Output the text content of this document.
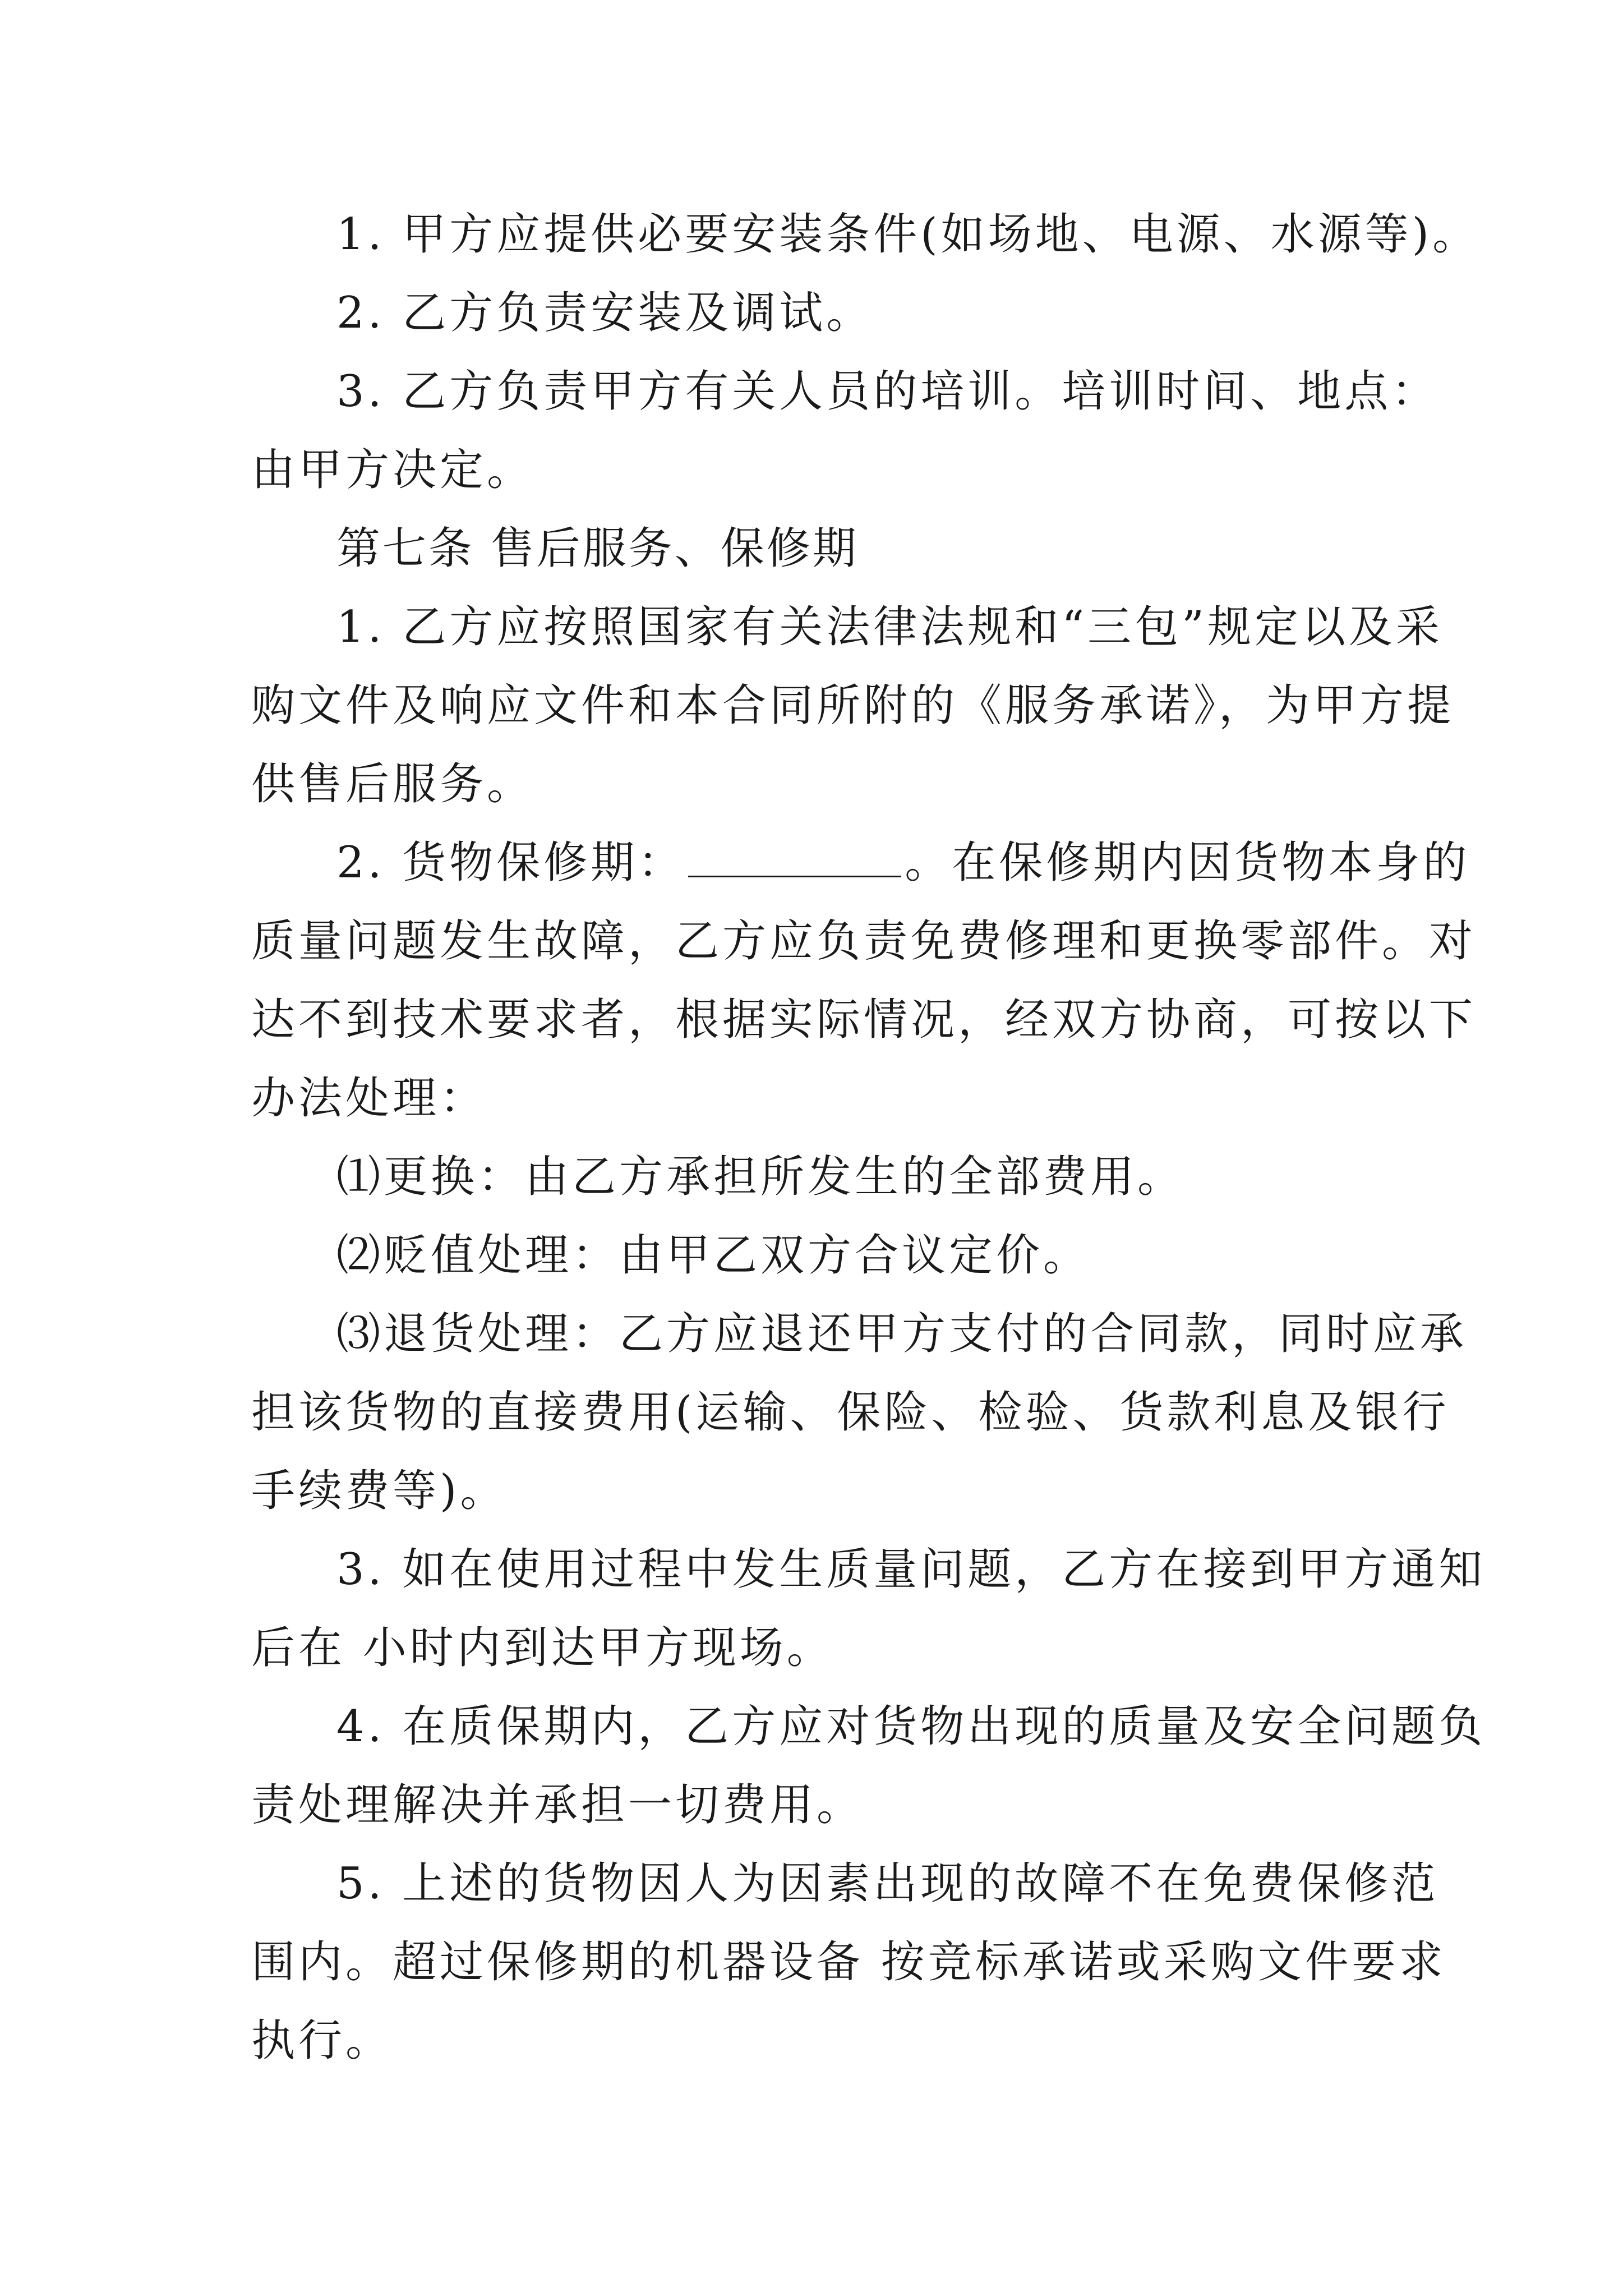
1. 甲方应提供必要安装条件(如场地、电源、水源等)。
2. 乙方负责安装及调试。
3. 乙方负责甲方有关人员的培训。培训时间、地点：
由甲方决定。
第七条 售后服务、保修期
1. 乙方应按照国家有关法律法规和“三包”规定以及采
购文件及响应文件和本合同所附的《服务承诺》，为甲方提
供售后服务。
2. 货物保修期：	。在保修期内因货物本身的
质量问题发生故障，乙方应负责免费修理和更换零部件。对
达不到技术要求者，根据实际情况，经双方协商，可按以下
办法处理：
⑴更换：由乙方承担所发生的全部费用。
⑵贬值处理：由甲乙双方合议定价。
⑶退货处理：乙方应退还甲方支付的合同款，同时应承
担该货物的直接费用(运输、保险、检验、货款利息及银行
手续费等)。
3. 如在使用过程中发生质量问题，乙方在接到甲方通知
后在 小时内到达甲方现场。
4. 在质保期内，乙方应对货物出现的质量及安全问题负
责处理解决并承担一切费用。
5. 上述的货物因人为因素出现的故障不在免费保修范
围内。超过保修期的机器设备 按竞标承诺或采购文件要求
执行。
